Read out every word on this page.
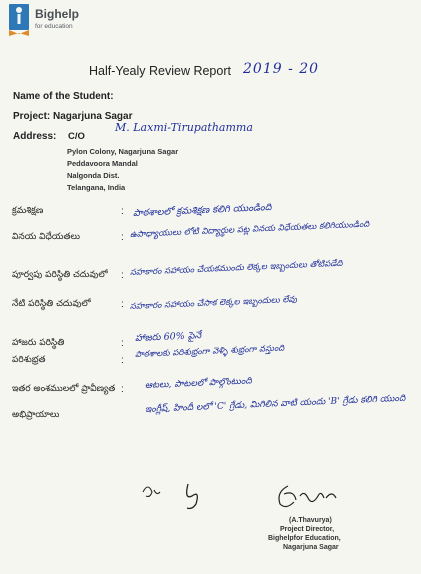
Bighelp
for education
Half-Yealy Review Report 2019 - 20
Name of the Student:
Project: Nagarjuna Sagar
Address: C/O
M. Laxmi-Tirupathamma
Pylon Colony, Nagarjuna Sagar
Peddavoora Mandal
Nalgonda Dist.
Telangana, India
క్రమశిక్షణ	: పాఠశాలలో క్రమశిక్షణ కలిగి యుండింది
వినయ విధేయతలు	: ఉపాధ్యాయులు లోటి విద్యార్థుల పట్ల వినయ విధేయతలు కలిగియుండింది
పూర్వపు పరిస్థితి చదువులో : సహకారం సహాయం చేయకముందు లెక్కల ఇబ్బందులు తోటిపడేది
నేటి పరిస్థితి చదువులో	: సహకారం సహాయం చేసాక లెక్కల ఇబ్బందులు లేవు
హాజరు పరిస్థితి	: హాజరు 60% పైనే
పరిశుభ్రత	:
పాఠశాలకు పరిశుభ్రంగా వెళ్ళి శుభ్రంగా వస్తుంది
ఇతర అంశములలో ప్రావీణ్యత : ఆటలు, పాటలలో పాల్గొంటుంది
అభిప్రాయాలు
ఇంగ్లీష్, హిందీ లలో 'C' గ్రేడు, మిగిలిన వాటి యందు 'B' గ్రేడు కలిగి యుంది
(A.Thavurya)
Project Director,
Bighelpfor Education,
Nagarjuna Sagar
